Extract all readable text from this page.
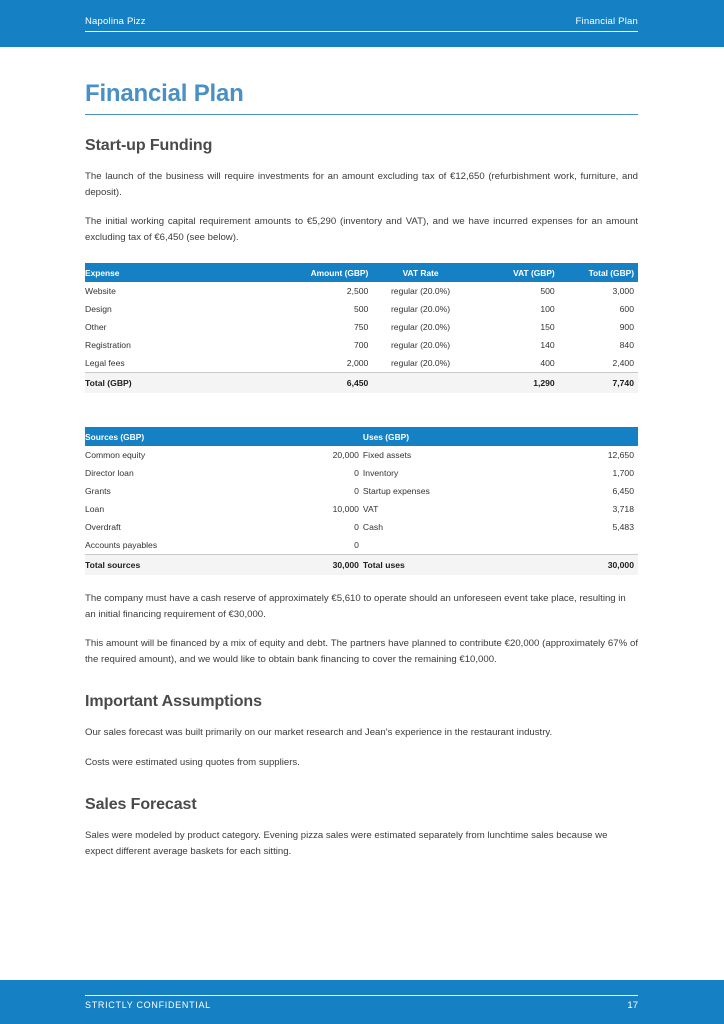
Napolina Pizz	Financial Plan
Financial Plan
Start-up Funding

The launch of the business will require investments for an amount excluding tax of €12,650 (refurbishment work, furniture, and deposit).

The initial working capital requirement amounts to €5,290 (inventory and VAT), and we have incurred expenses for an amount excluding tax of €6,450 (see below).

Expense	Amount (GBP)	VAT Rate	VAT (GBP)	Total (GBP)
Website	2,500	regular (20.0%)	500	3,000
Design	500	regular (20.0%)	100	600
Other	750	regular (20.0%)	150	900
Registration	700	regular (20.0%)	140	840
Legal fees	2,000	regular (20.0%)	400	2,400
Total (GBP)	6,450		1,290	7,740
Sources (GBP)		Uses (GBP)	
Common equity	20,000	Fixed assets	12,650
Director loan	0	Inventory	1,700
Grants	0	Startup expenses	6,450
Loan	10,000	VAT	3,718
Overdraft	0	Cash	5,483
Accounts payables	0		
Total sources	30,000	Total uses	30,000

The company must have a cash reserve of approximately €5,610 to operate should an unforeseen event take place, resulting in an initial financing requirement of €30,000.

This amount will be financed by a mix of equity and debt. The partners have planned to contribute €20,000 (approximately 67% of the required amount), and we would like to obtain bank financing to cover the remaining €10,000.

Important Assumptions

Our sales forecast was built primarily on our market research and Jean's experience in the restaurant industry.

Costs were estimated using quotes from suppliers.

Sales Forecast

Sales were modeled by product category. Evening pizza sales were estimated separately from lunchtime sales because we expect different average baskets for each sitting.

STRICTLY CONFIDENTIAL	17
